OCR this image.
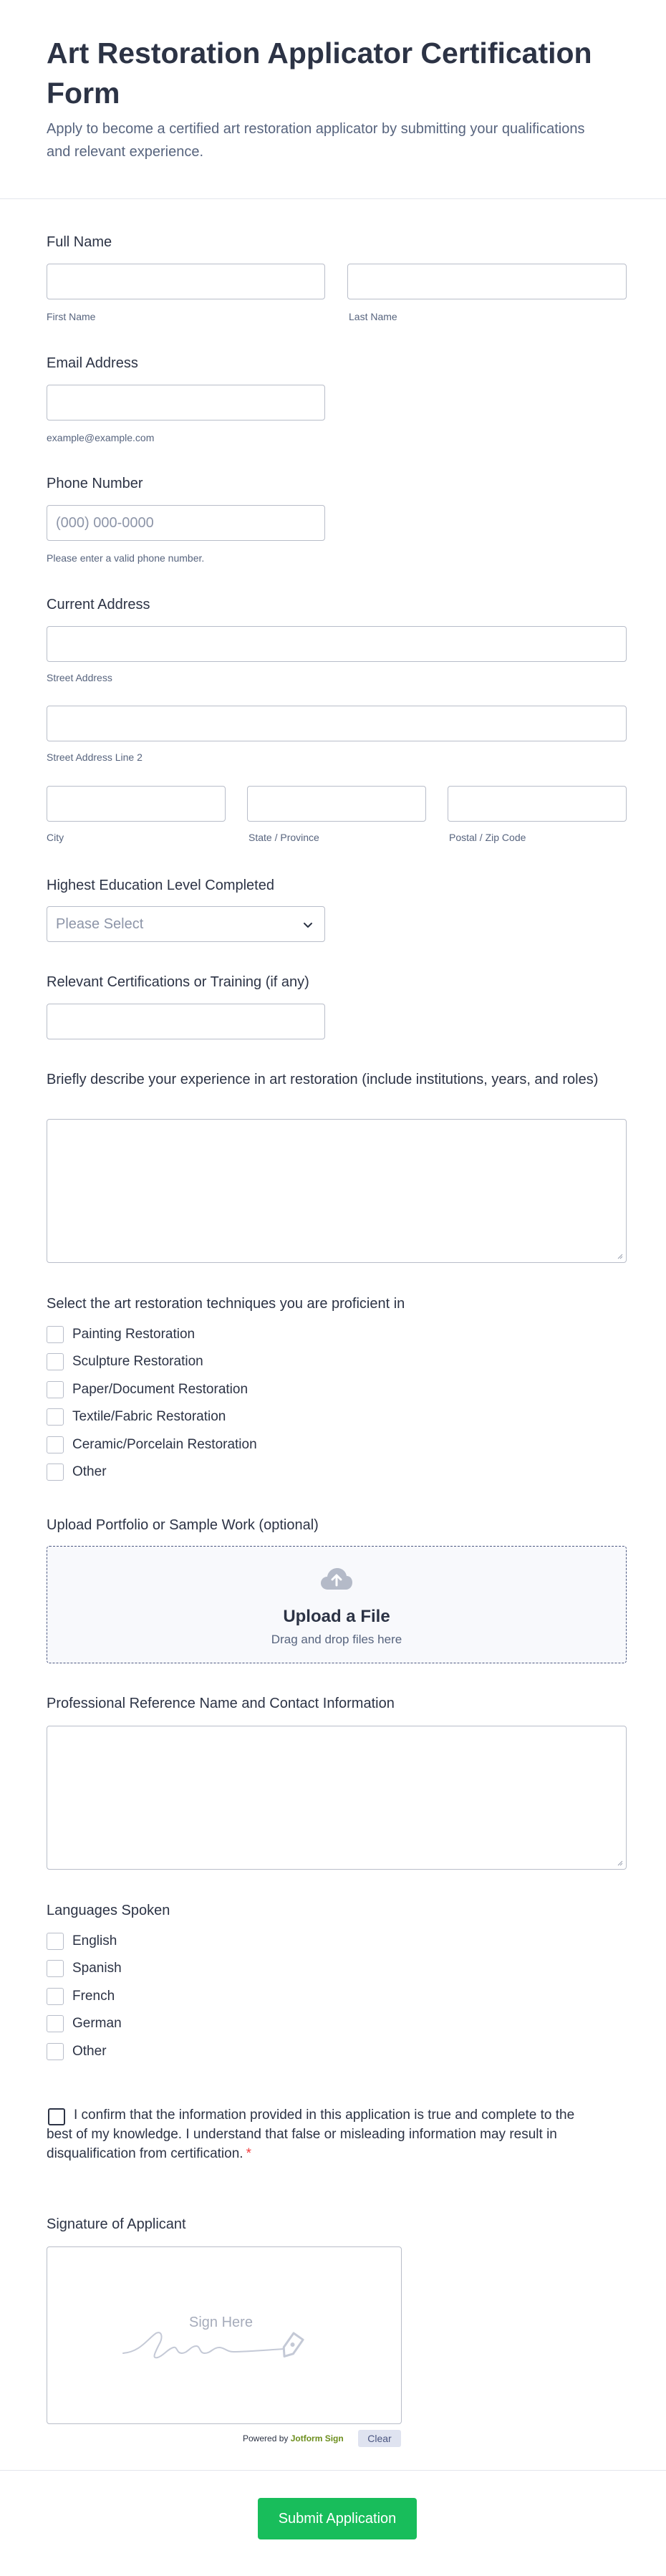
Art Restoration Applicator Certification Form

Apply to become a certified art restoration applicator by submitting your qualifications and relevant experience.

Full Name
First Name	Last Name
Email Address
example@example.com
Phone Number
(000) 000-0000
Please enter a valid phone number.
Current Address
Street Address
Street Address Line 2
City	State / Province	Postal / Zip Code
Highest Education Level Completed
Please Select
Relevant Certifications or Training (if any)
Briefly describe your experience in art restoration (include institutions, years, and roles)
Select the art restoration techniques you are proficient in
Painting Restoration
Sculpture Restoration
Paper/Document Restoration
Textile/Fabric Restoration
Ceramic/Porcelain Restoration
Other
Upload Portfolio or Sample Work (optional)
Upload a File
Drag and drop files here
Professional Reference Name and Contact Information
Languages Spoken
English
Spanish
French
German
Other
I confirm that the information provided in this application is true and complete to the best of my knowledge. I understand that false or misleading information may result in disqualification from certification. *
Signature of Applicant
Sign Here
Powered by Jotform Sign	Clear
Submit Application
